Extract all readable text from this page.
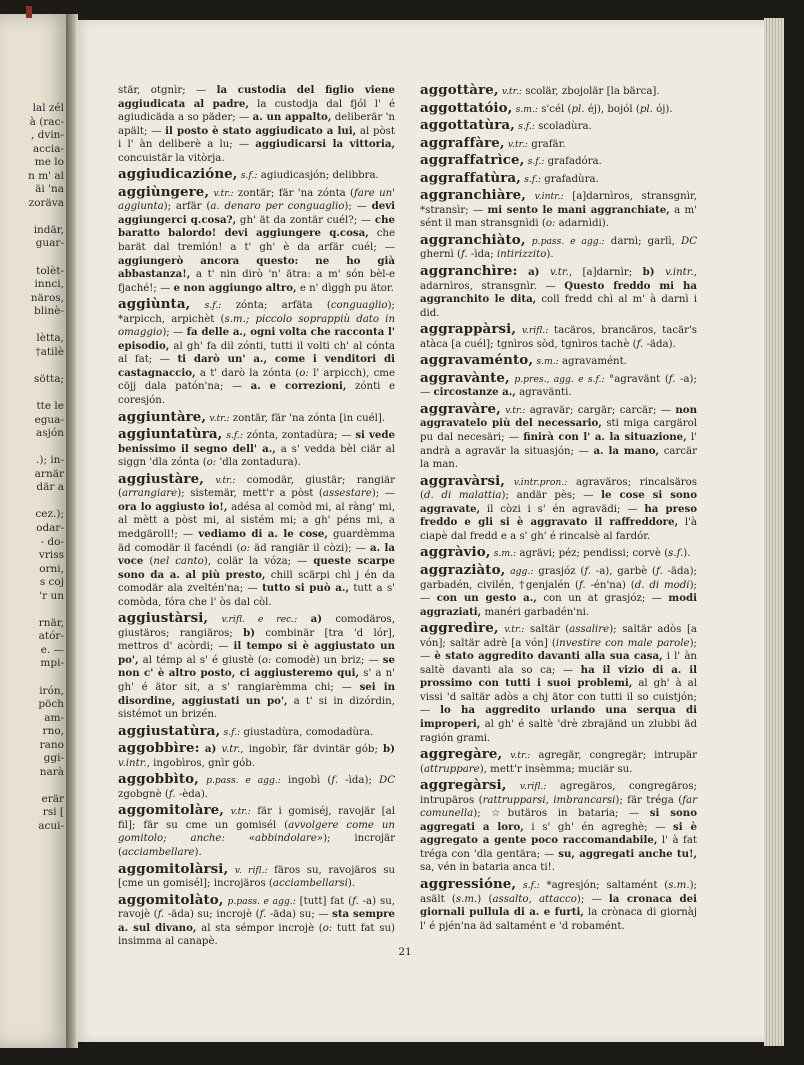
lal zél
à (rac-
, dvin-
accia-
me lo
n m' al
äi 'na
zoräva

indär,
guar-

tolèt-
innci,
näros,
blinè-

lètta,
†atilè

sötta;

tte le
egua-
asjón

.); in-
arnär
där a

cez.);
odar-
- do-
vriss
orni,
s coj
'r un

rnär,
atór-
e. —
mpi-

irón,
pöch
am-
rno,
rano
ggi-
narà

erär
rsi [
acui-
stär, otgnìr; — la custodia del figlio viene aggiudicata al padre, la custodja dal fjól l' é agiudicäda a so päder; — a. un appalto, deliberär 'n apält; — il posto è stato aggiudicato a lui, al pòst i l' àn deliberè a lu; — aggiudicarsi la vittoria, concuistär la vitòrja.
aggiudicazióne, s.f.: agiudicasjón; delibbra.
aggiùngere, v.tr.: zontär; fär 'na zónta (fare un' aggiunta); arfär (a. denaro per conguaglio); — devi aggiungerci q.cosa?, gh' ät da zontär cuél?; — che baratto balordo! devi aggiungere q.cosa, che barät dal tremlón! a t' gh' è da arfär cuél; — aggiungerò ancora questo: ne ho già abbastanza!, a t' nin dirò 'n' ätra: a m' són bèl-e fjaché!; — e non aggiungo altro, e n' dìggh pu ätor.
aggiùnta, s.f.: zónta; arfäta (conguaglio); *arpicch, arpichèt (s.m.; piccolo soprappiù dato in omaggio); — fa delle a., ogni volta che racconta l' episodio, al gh' fa dil zónti, tutti il volti ch' al cónta al fat; — ti darò un' a., come i venditori di castagnaccio, a t' darò la zónta (o: l' arpicch), cme cöjj dala patón'na; — a. e correzioni, zónti e coresjón.
aggiuntàre, v.tr.: zontär, fär 'na zónta [in cuél].
aggiuntatùra, s.f.: zónta, zontadùra; — si vede benissimo il segno dell' a., a s' vedda bèl ciär al siggn 'dla zónta (o: 'dla zontadura).
aggiustàre, v.tr.: comodär, giustär; rangiär (arrangiare); sistemär, mett'r a pòst (assestare); — ora lo aggiusto io!, adésa al comòd mi, al ràng' mi, al mètt a pòst mi, al sistém mi; a gh' péns mi, a medgäroll!; — vediamo di a. le cose, guardèmma äd comodär il facéndi (o: äd rangiär il còzi); — a. la voce (nel canto), colär la vóza; — queste scarpe sono da a. al più presto, chill scärpi chì j én da comodär ala zveltén'na; — tutto si può a., tutt a s' comòda, fóra che l' òs dal còl.
aggiustàrsi, v.rifl. e rec.: a) comodäros, giustäros; rangiäros; b) combinär [tra 'd lór], mettros d' acòrdi; — il tempo si è aggiustato un po', al témp al s' é giustè (o: comodè) un briz; — se non c' è altro posto, ci aggiusteremo qui, s' a n' gh' é ätor sit, a s' rangiarèmma chi; — sei in disordine, aggiustati un po', a t' si in dizórdin, sistémot un brizén.
aggiustatùra, s.f.: giustadùra, comodadùra.
aggobbìre: a) v.tr., ingobìr, fär dvintär gób; b) v.intr., ingobìros, gnìr gób.
aggobbìto, p.pass. e agg.: ingobì (f. -ìda); DC zgobgnè (f. -èda).
aggomitolàre, v.tr.: fär i gomiséj, ravojär [al fil]; fär su cme un gomisél (avvolgere come un gomitolo; anche: «abbindolare»); incrojär (acciambellare).
aggomitolàrsi, v. rifl.: färos su, ravojäros su [cme un gomisél]; incrojäros (acciambellarsi).
aggomitolàto, p.pass. e agg.: [tutt] fat (f. -a) su, ravojè (f. -äda) su; incrojè (f. -äda) su; — sta sempre a. sul divano, al sta sémpor incrojè (o: tutt fat su) insimma al canapè.
aggottàre, v.tr.: scolär, zbojolär [la bärca].
aggottatóio, s.m.: s'cél (pl. éj), bojól (pl. ój).
aggottatùra, s.f.: scoladùra.
aggraffàre, v.tr.: grafär.
aggraffatrìce, s.f.: grafadóra.
aggraffatùra, s.f.: grafadùra.
aggranchiàre, v.intr.: [a]darnìros, stransgnìr, *stransìr; — mi sento le mani aggranchiate, a m' sént il man stransgnìdi (o: adarnìdi).
aggranchiàto, p.pass. e agg.: darnì; garlì, DC ghernì (f. -ìda; intirizzito).
aggranchìre: a) v.tr., [a]darnìr; b) v.intr., adarnìros, stransgnìr. — Questo freddo mi ha aggranchito le dita, coll fredd chì al m' à darnì i did.
aggrappàrsi, v.rifl.: tacäros, brancäros, tacär's atàca [a cuél]; tgnìros sòd, tgnìros tachè (f. -äda).
aggravaménto, s.m.: agravamént.
aggravànte, p.pres., agg. e s.f.: °agravänt (f. -a); — circostanze a., agravänti.
aggravàre, v.tr.: agravär; cargär; carcär; — non aggravatelo più del necessario, sti miga cargärol pu dal necesäri; — finirà con l' a. la situazione, l' andrà a agravär la situasjón; — a. la mano, carcär la man.
aggravàrsi, v.intr.pron.: agraväros; rincalsäros (d. di malattia); andär pès; — le cose si sono aggravate, il còzi i s' én agravädi; — ha preso freddo e gli si è aggravato il raffreddore, l'à ciapè dal fredd e a s' gh' é rincalsè al fardór.
aggràvio, s.m.: agrävi; péz; pendissi; corvè (s.f.).
aggraziàto, agg.: grasjóz (f. -a), garbè (f. -äda); garbadén, civilén, †genjalén (f. -én'na) (d. di modi); — con un gesto a., con un at grasjóz; — modi aggraziati, manéri garbadén'ni.
aggredìre, v.tr.: saltär (assalire); saltär adòs [a vón]; saltär adrè [a vón] (investire con male parole); — è stato aggredito davanti alla sua casa, i l' àn saltè davanti ala so ca; — ha il vizio di a. il prossimo con tutti i suoi problemi, al gh' à al vissi 'd saltär adòs a chj ätor con tutti il so cuistjón; — lo ha aggredito urlando una serqua di improperi, al gh' é saltè 'drè zbrajänd un zlubbi äd ragión grami.
aggregàre, v.tr.: agregär, congregär; intrupär (attruppare), mett'r insèmma; muciär su.
aggregàrsi, v.rifl.: agregäros, congregäros; intrupäros (rattrupparsi, imbrancarsi); fär tréga (far comunella); ☆butäros in bataria; — si sono aggregati a loro, i s' gh' én agreghè; — si è aggregato a gente poco raccomandabile, l' à fat tréga con 'dla gentära; — su, aggregati anche tu!, sa, vén in bataria anca ti!.
aggressióne, s.f.: *agresjón; saltamént (s.m.); asält (s.m.) (assalto, attacco); — la cronaca dei giornali pullula di a. e furti, la crònaca di giornàj l' é pjén'na äd saltamént e 'd robamént.
21
